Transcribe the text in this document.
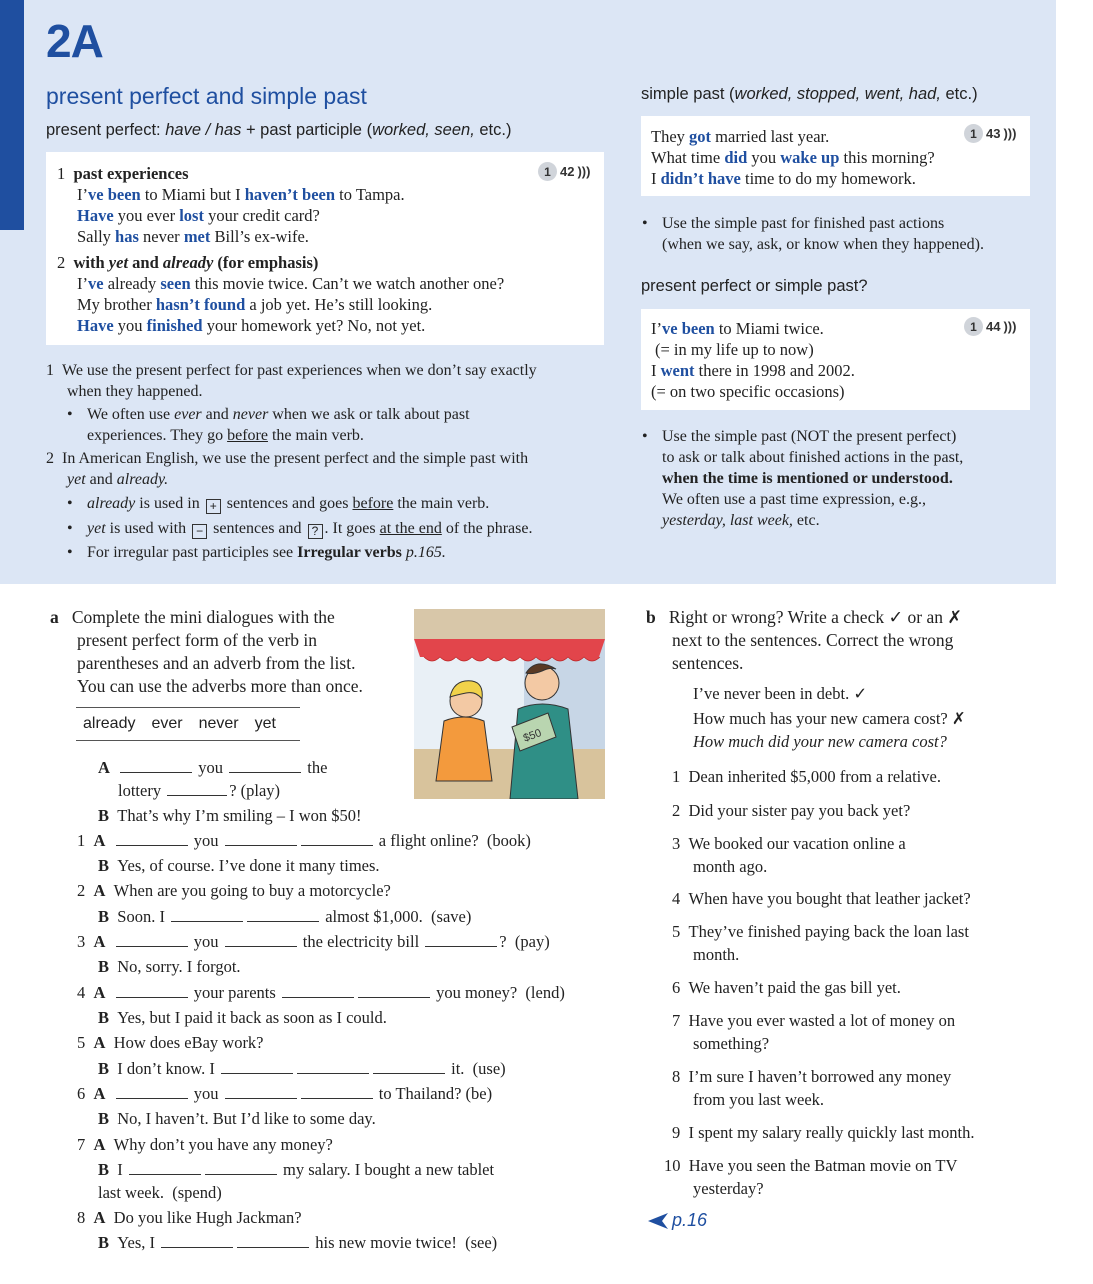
2A
present perfect and simple past
present perfect: have / has + past participle (worked, seen, etc.)
1 42 )))
1 past experiences
I’ve been to Miami but I haven’t been to Tampa.
Have you ever lost your credit card?
Sally has never met Bill’s ex-wife.
2 with yet and already (for emphasis)
I’ve already seen this movie twice. Can’t we watch another one?
My brother hasn’t found a job yet. He’s still looking.
Have you finished your homework yet? No, not yet.
1 We use the present perfect for past experiences when we don’t say exactly
when they happened.
• We often use ever and never when we ask or talk about past
experiences. They go before the main verb.
2 In American English, we use the present perfect and the simple past with
yet and already.
• already is used in + sentences and goes before the main verb.
• yet is used with − sentences and ? . It goes at the end of the phrase.
• For irregular past participles see Irregular verbs p.165.
simple past (worked, stopped, went, had, etc.)
1 43 )))
They got married last year.
What time did you wake up this morning?
I didn’t have time to do my homework.
• Use the simple past for finished past actions
(when we say, ask, or know when they happened).
present perfect or simple past?
1 44 )))
I’ve been to Miami twice.
(= in my life up to now)
I went there in 1998 and 2002.
(= on two specific occasions)
• Use the simple past (NOT the present perfect)
to ask or talk about finished actions in the past,
when the time is mentioned or understood.
We often use a past time expression, e.g.,
yesterday, last week, etc.
a Complete the mini dialogues with the
present perfect form of the verb in
parentheses and an adverb from the list.
You can use the adverbs more than once.
already ever never yet
$50
A	you	the
lottery	? (play)
B  That’s why I’m smiling – I won $50!
1  A	you	a flight online?  (book)
B  Yes, of course. I’ve done it many times.
2  A  When are you going to buy a motorcycle?
B  Soon. I	almost $1,000.  (save)
3  A	you	the electricity bill	?  (pay)
B  No, sorry. I forgot.
4  A	your parents	you money?  (lend)
B  Yes, but I paid it back as soon as I could.
5  A  How does eBay work?
B  I don’t know. I	it.  (use)
6  A	you	to Thailand? (be)
B  No, I haven’t. But I’d like to some day.
7  A  Why don’t you have any money?
B  I	my salary. I bought a new tablet
last week.  (spend)
8  A  Do you like Hugh Jackman?
B  Yes, I	his new movie twice!  (see)
b Right or wrong? Write a check ✓ or an ✗
next to the sentences. Correct the wrong
sentences.
I’ve never been in debt. ✓
How much has your new camera cost? ✗
How much did your new camera cost?
1  Dean inherited $5,000 from a relative.
2  Did your sister pay you back yet?
3  We booked our vacation online a
month ago.
4  When have you bought that leather jacket?
5  They’ve finished paying back the loan last
month.
6  We haven’t paid the gas bill yet.
7  Have you ever wasted a lot of money on
something?
8  I’m sure I haven’t borrowed any money
from you last week.
9  I spent my salary really quickly last month.
10  Have you seen the Batman movie on TV
yesterday?
p.16
